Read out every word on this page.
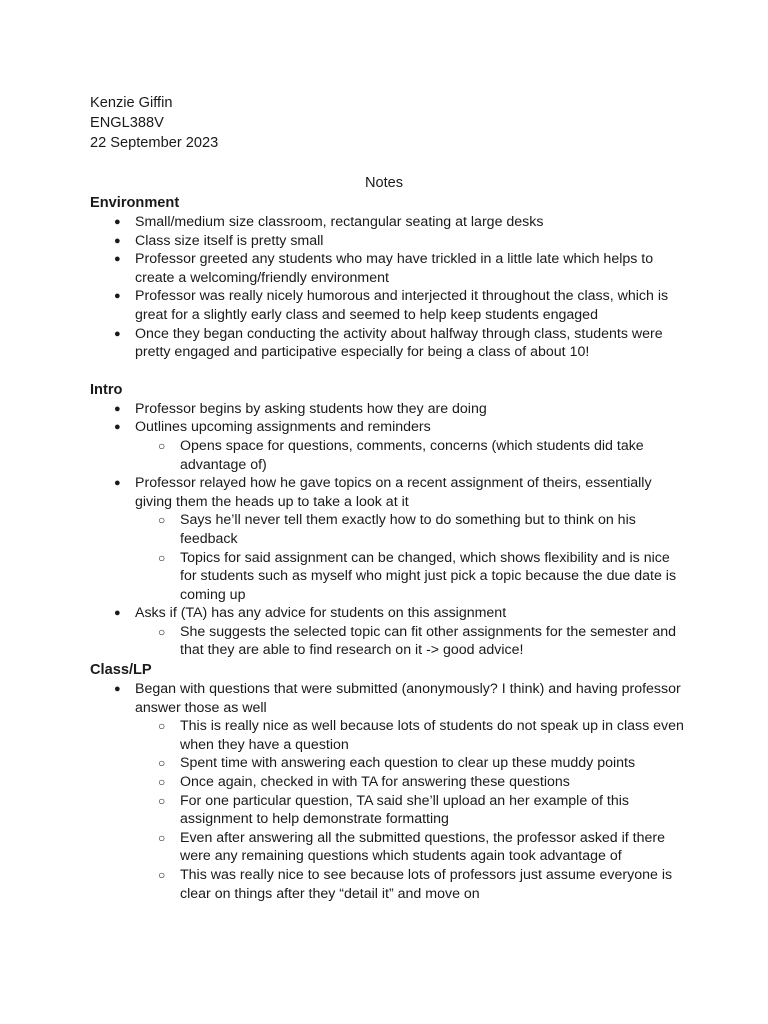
Kenzie Giffin

ENGL388V

22 September 2023

Notes

Environment

● Small/medium size classroom, rectangular seating at large desks
● Class size itself is pretty small
● Professor greeted any students who may have trickled in a little late which helps to create a welcoming/friendly environment
● Professor was really nicely humorous and interjected it throughout the class, which is great for a slightly early class and seemed to help keep students engaged
● Once they began conducting the activity about halfway through class, students were pretty engaged and participative especially for being a class of about 10!

Intro

● Professor begins by asking students how they are doing
● Outlines upcoming assignments and reminders
○ Opens space for questions, comments, concerns (which students did take advantage of)
● Professor relayed how he gave topics on a recent assignment of theirs, essentially giving them the heads up to take a look at it
○ Says he’ll never tell them exactly how to do something but to think on his feedback
○ Topics for said assignment can be changed, which shows flexibility and is nice for students such as myself who might just pick a topic because the due date is coming up
● Asks if (TA) has any advice for students on this assignment
○ She suggests the selected topic can fit other assignments for the semester and that they are able to find research on it -> good advice!

Class/LP

● Began with questions that were submitted (anonymously? I think) and having professor answer those as well
○ This is really nice as well because lots of students do not speak up in class even when they have a question
○ Spent time with answering each question to clear up these muddy points
○ Once again, checked in with TA for answering these questions
○ For one particular question, TA said she’ll upload an her example of this assignment to help demonstrate formatting
○ Even after answering all the submitted questions, the professor asked if there were any remaining questions which students again took advantage of
○ This was really nice to see because lots of professors just assume everyone is clear on things after they “detail it” and move on
